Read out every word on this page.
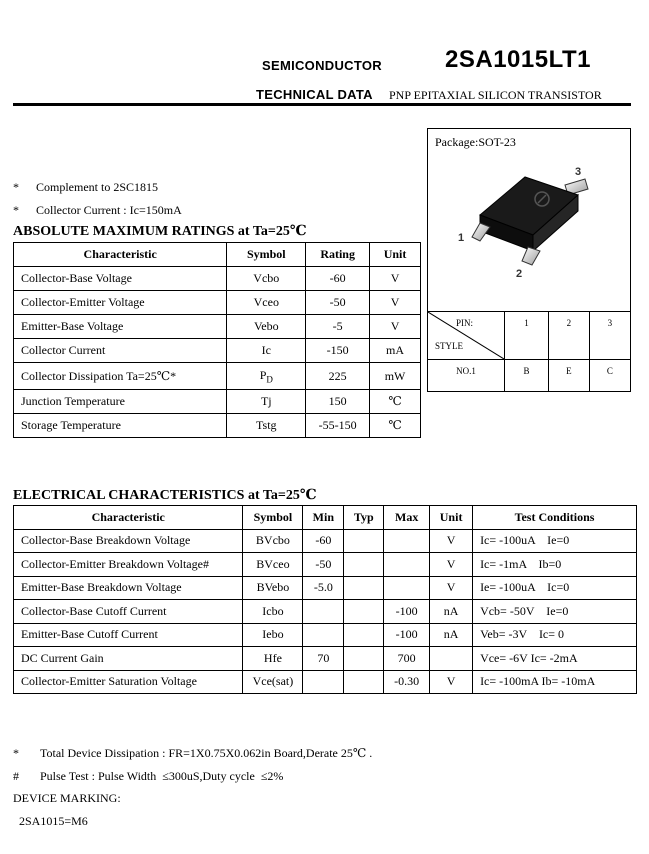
SEMICONDUCTOR	2SA1015LT1
TECHNICAL DATA PNP EPITAXIAL SILICON TRANSISTOR
* Complement to 2SC1815
* Collector Current : Ic=150mA
Package:SOT-23
1
2
3
PIN:
STYLE	1	2	3
NO.1	B	E	C
ABSOLUTE MAXIMUM RATINGS at Ta=25℃
Characteristic	Symbol	Rating	Unit
Collector-Base Voltage	Vcbo	-60	V
Collector-Emitter Voltage	Vceo	-50	V
Emitter-Base Voltage	Vebo	-5	V
Collector Current	Ic	-150	mA
Collector Dissipation Ta=25℃*	$P_D$	225	mW
Junction Temperature	Tj	150	℃
Storage Temperature	Tstg	-55-150	℃
ELECTRICAL CHARACTERISTICS at Ta=25℃
Characteristic	Symbol	Min	Typ	Max	Unit	Test Conditions
Collector-Base Breakdown Voltage	BVcbo	-60			V	Ic= -100uA    Ie=0
Collector-Emitter Breakdown Voltage#	BVceo	-50			V	Ic= -1mA    Ib=0
Emitter-Base Breakdown Voltage	BVebo	-5.0			V	Ie= -100uA    Ic=0
Collector-Base Cutoff Current	Icbo			-100	nA	Vcb= -50V    Ie=0
Emitter-Base Cutoff Current	Iebo			-100	nA	Veb= -3V    Ic= 0
DC Current Gain	Hfe	70		700		Vce= -6V Ic= -2mA
Collector-Emitter Saturation Voltage	Vce(sat)			-0.30	V	Ic= -100mA Ib= -10mA
* Total Device Dissipation : FR=1X0.75X0.062in Board,Derate 25℃ .
# Pulse Test : Pulse Width  ≤300uS,Duty cycle  ≤2%
DEVICE MARKING:
2SA1015=M6
